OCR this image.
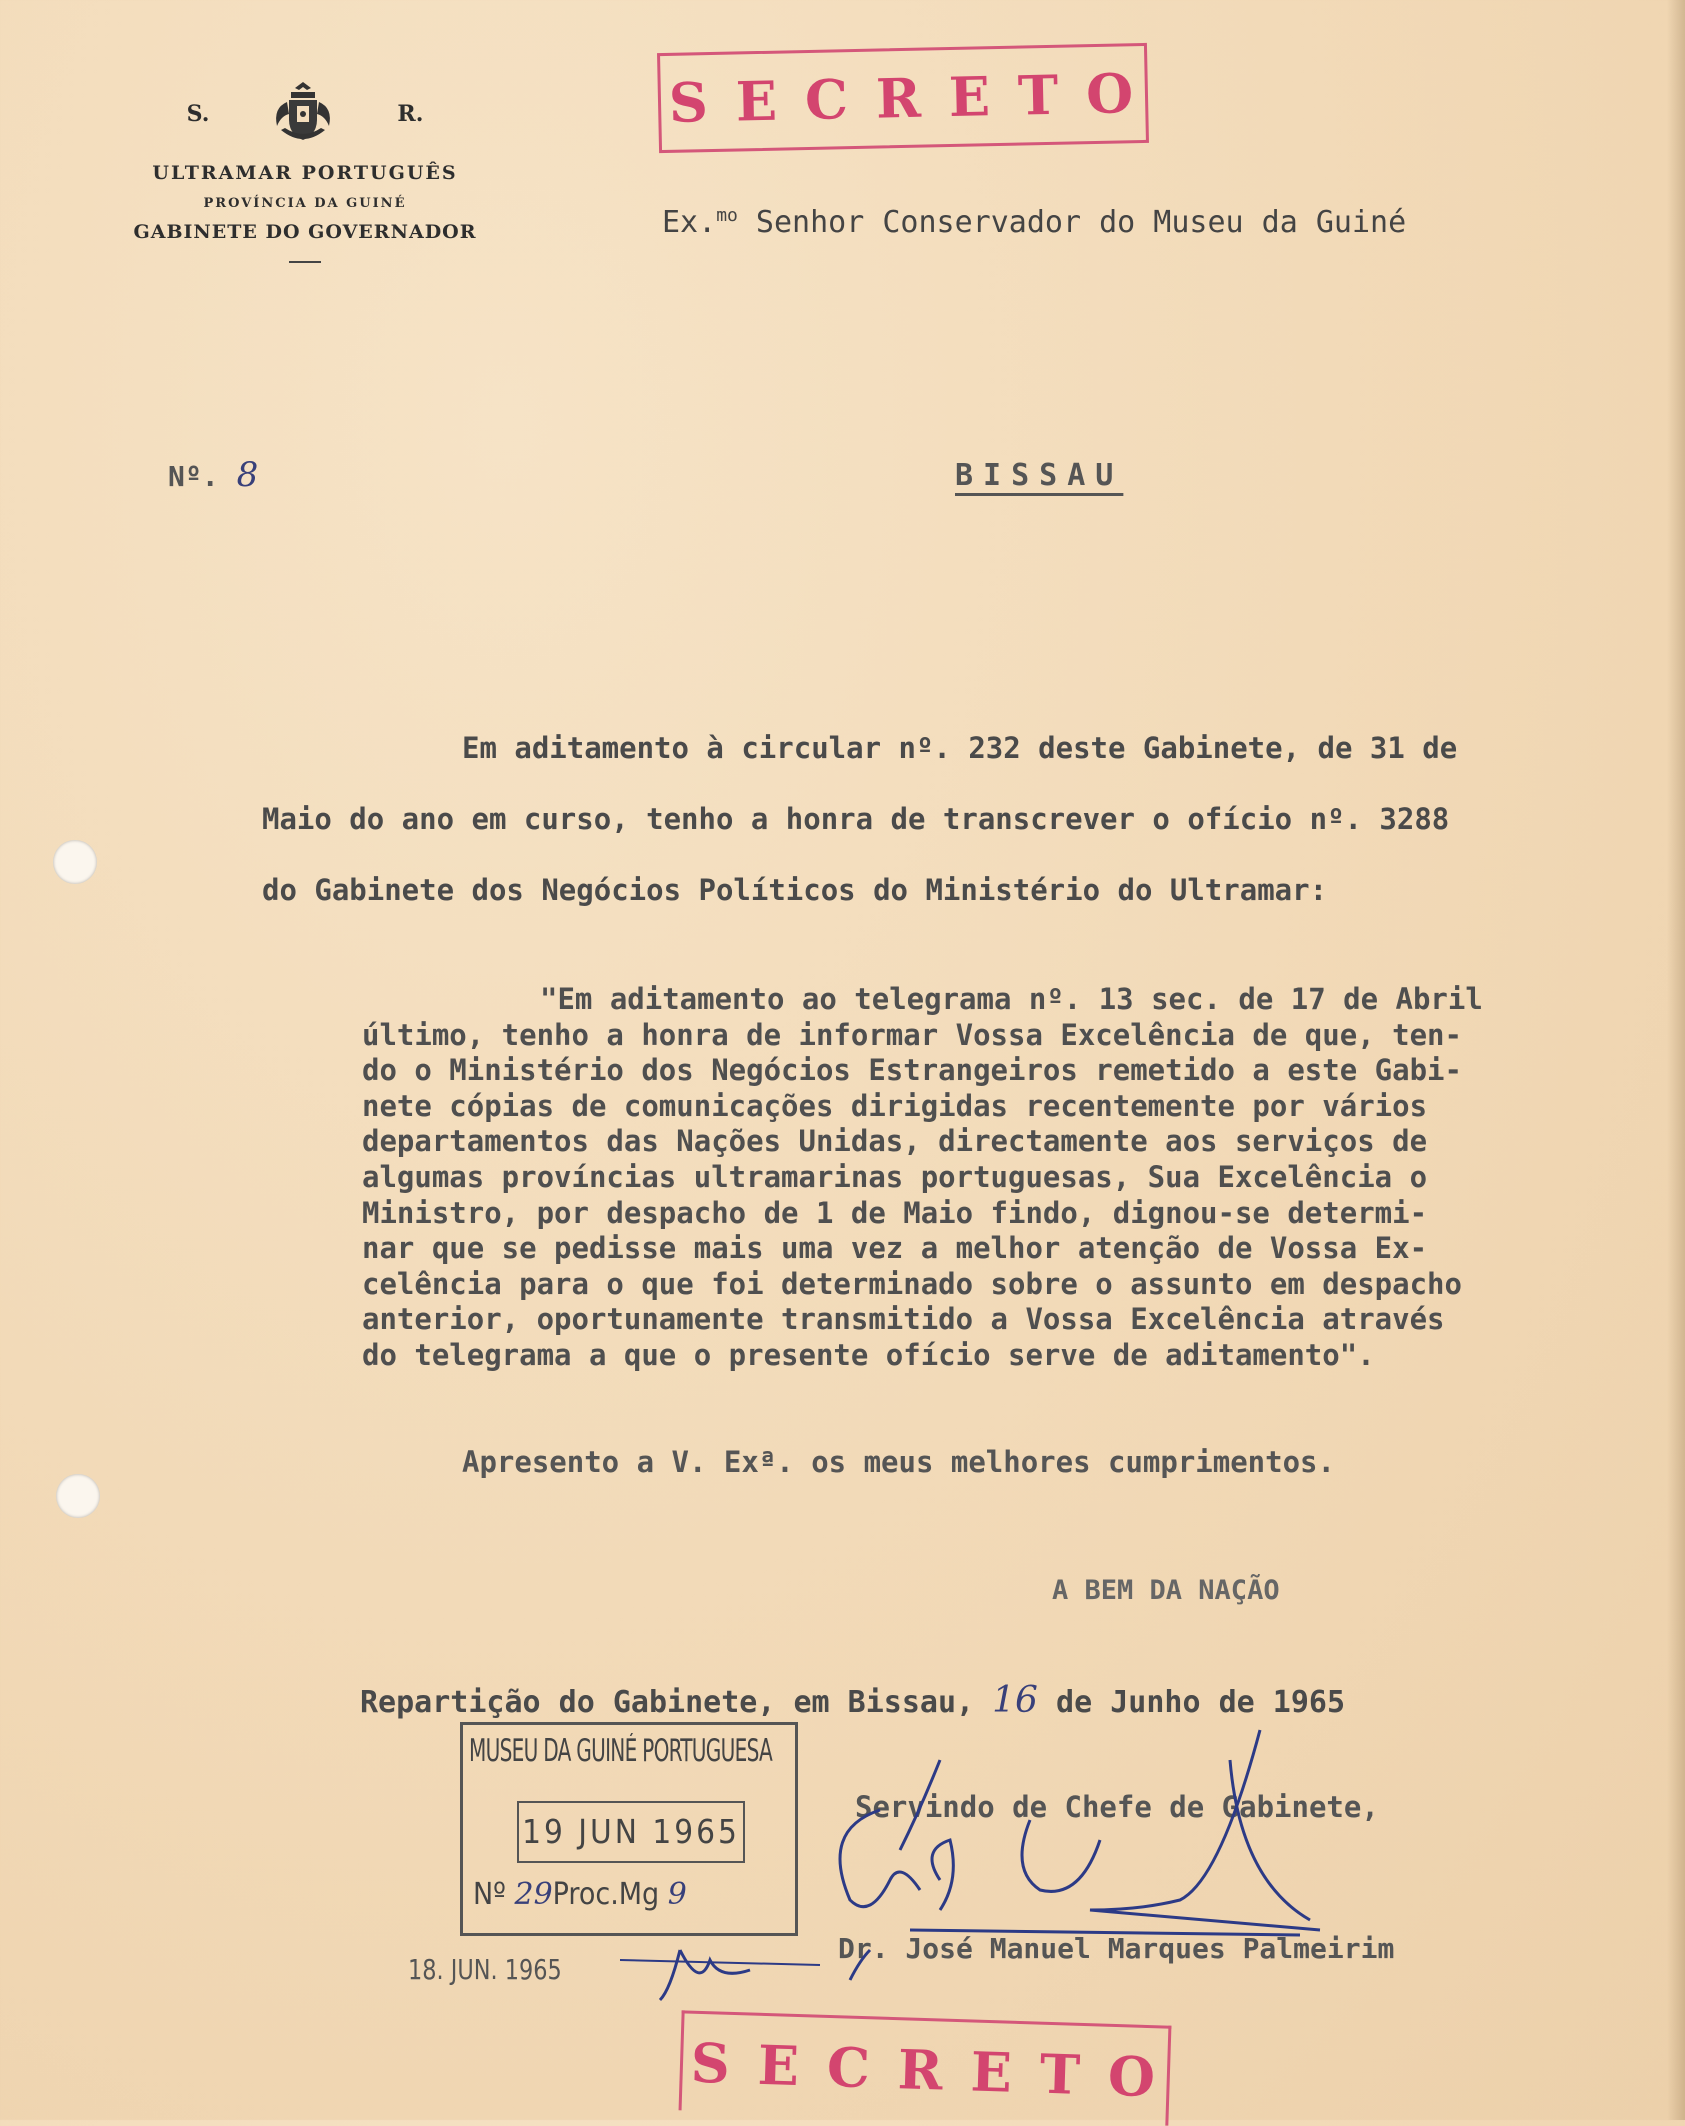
S.	R.
ULTRAMAR PORTUGUÊS
PROVÍNCIA DA GUINÉ
GABINETE DO GOVERNADOR
SECRETO
Ex.$^{mo}$ Senhor Conservador do Museu da Guiné
Nº. 8	BISSAU
Em aditamento à circular nº. 232 deste Gabinete, de 31 de
Maio do ano em curso, tenho a honra de transcrever o ofício nº. 3288
do Gabinete dos Negócios Políticos do Ministério do Ultramar:
"Em aditamento ao telegrama nº. 13 sec. de 17 de Abril
último, tenho a honra de informar Vossa Excelência de que, ten-
do o Ministério dos Negócios Estrangeiros remetido a este Gabi-
nete cópias de comunicações dirigidas recentemente por vários
departamentos das Nações Unidas, directamente aos serviços de
algumas províncias ultramarinas portuguesas, Sua Excelência o
Ministro, por despacho de 1 de Maio findo, dignou-se determi-
nar que se pedisse mais uma vez a melhor atenção de Vossa Ex-
celência para o que foi determinado sobre o assunto em despacho
anterior, oportunamente transmitido a Vossa Excelência através
do telegrama a que o presente ofício serve de aditamento".
Apresento a V. Exª. os meus melhores cumprimentos.
A BEM DA NAÇÃO
Repartição do Gabinete, em Bissau, 16 de Junho de 1965
MUSEU DA GUINÉ PORTUGUESA
19 JUN 1965
Nº 29Proc.Mg 9
18. JUN. 1965
Servindo de Chefe de Gabinete,
Dr. José Manuel Marques Palmeirim
SECRETO
